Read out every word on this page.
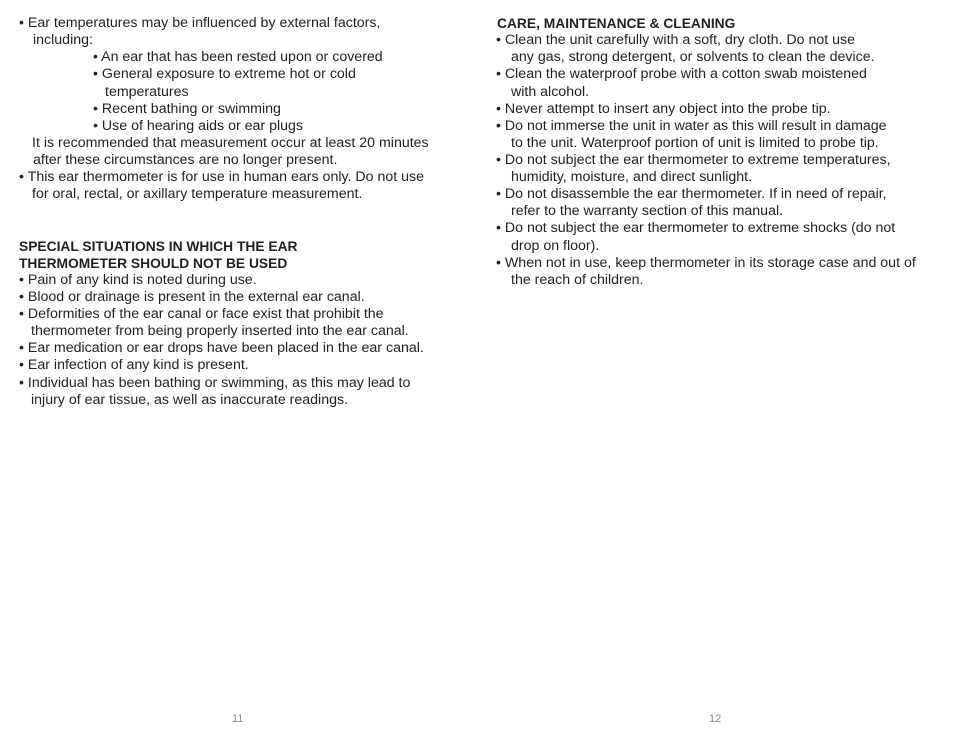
• Ear temperatures may be influenced by external factors,
including:
• An ear that has been rested upon or covered
• General exposure to extreme hot or cold
temperatures
• Recent bathing or swimming
• Use of hearing aids or ear plugs
It is recommended that measurement occur at least 20 minutes
after these circumstances are no longer present.
• This ear thermometer is for use in human ears only. Do not use
for oral, rectal, or axillary temperature measurement.
SPECIAL SITUATIONS IN WHICH THE EAR
THERMOMETER SHOULD NOT BE USED
• Pain of any kind is noted during use.
• Blood or drainage is present in the external ear canal.
• Deformities of the ear canal or face exist that prohibit the
thermometer from being properly inserted into the ear canal.
• Ear medication or ear drops have been placed in the ear canal.
• Ear infection of any kind is present.
• Individual has been bathing or swimming, as this may lead to
injury of ear tissue, as well as inaccurate readings.
11
CARE, MAINTENANCE & CLEANING
• Clean the unit carefully with a soft, dry cloth. Do not use
any gas, strong detergent, or solvents to clean the device.
• Clean the waterproof probe with a cotton swab moistened
with alcohol.
• Never attempt to insert any object into the probe tip.
• Do not immerse the unit in water as this will result in damage
to the unit. Waterproof portion of unit is limited to probe tip.
• Do not subject the ear thermometer to extreme temperatures,
humidity, moisture, and direct sunlight.
• Do not disassemble the ear thermometer. If in need of repair,
refer to the warranty section of this manual.
• Do not subject the ear thermometer to extreme shocks (do not
drop on floor).
• When not in use, keep thermometer in its storage case and out of
the reach of children.
12
